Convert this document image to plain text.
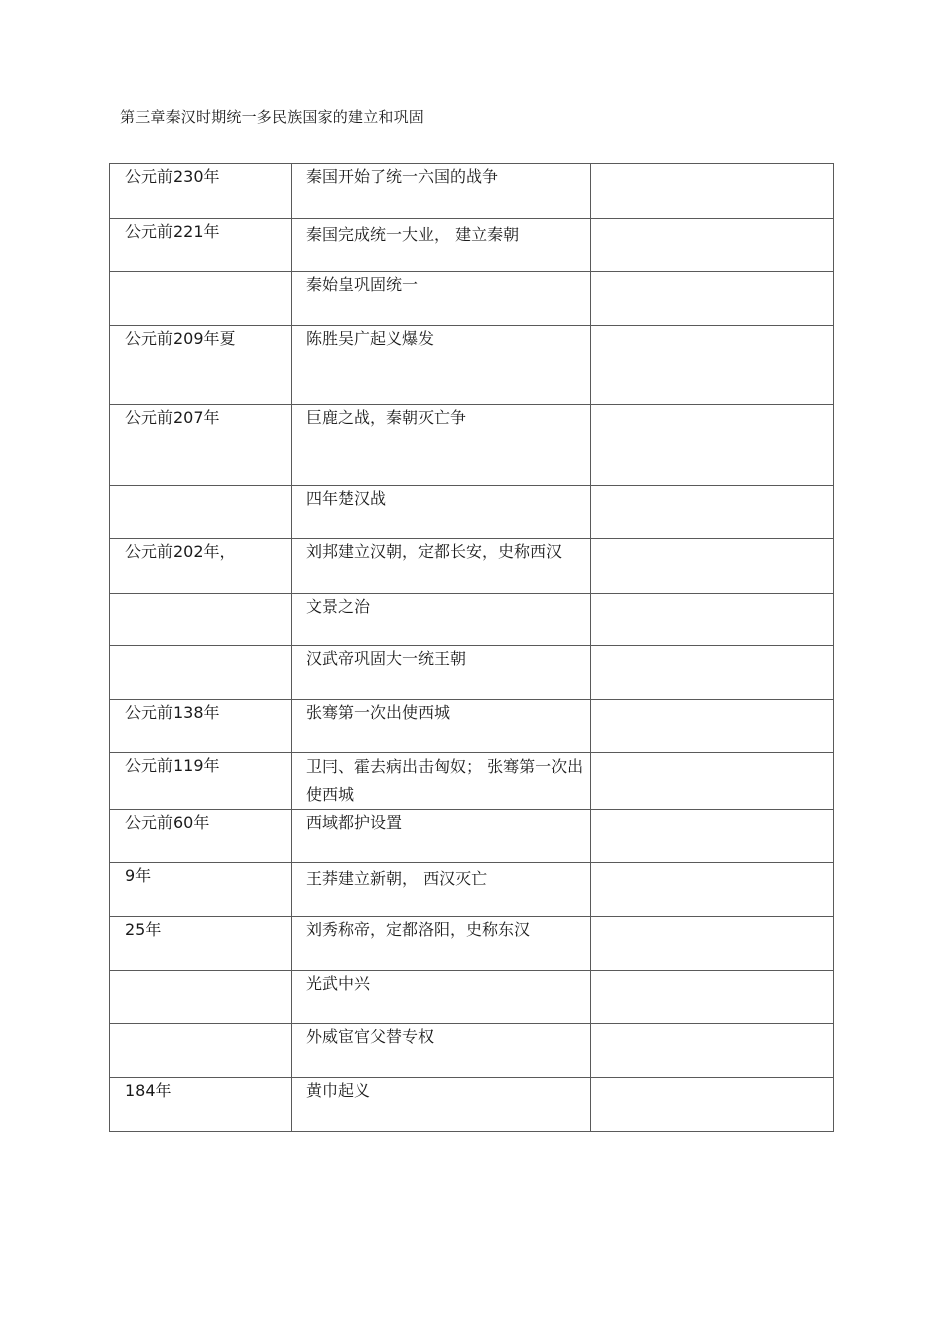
第三章秦汉时期统一多民族国家的建立和巩固
公元前230年	秦国开始了统一六国的战争	

公元前221年	秦国完成统一大业， 建立秦朝	

	秦始皇巩固统一	

公元前209年夏	陈胜吴广起义爆发	

公元前207年	巨鹿之战，秦朝灭亡争	

	四年楚汉战	

公元前202年，	刘邦建立汉朝，定都长安，史称西汉	

	文景之治	

	汉武帝巩固大一统王朝	

公元前138年	张骞第一次出使西城	

公元前119年	卫冃、霍去病出击匈奴； 张骞第一次出使西城	

公元前60年	西域都护设置	

9年	王莽建立新朝， 西汉灭亡	

25年	刘秀称帝，定都洛阳，史称东汉	

	光武中兴	

	外威宦官父替专权	

184年	黄巾起义	
